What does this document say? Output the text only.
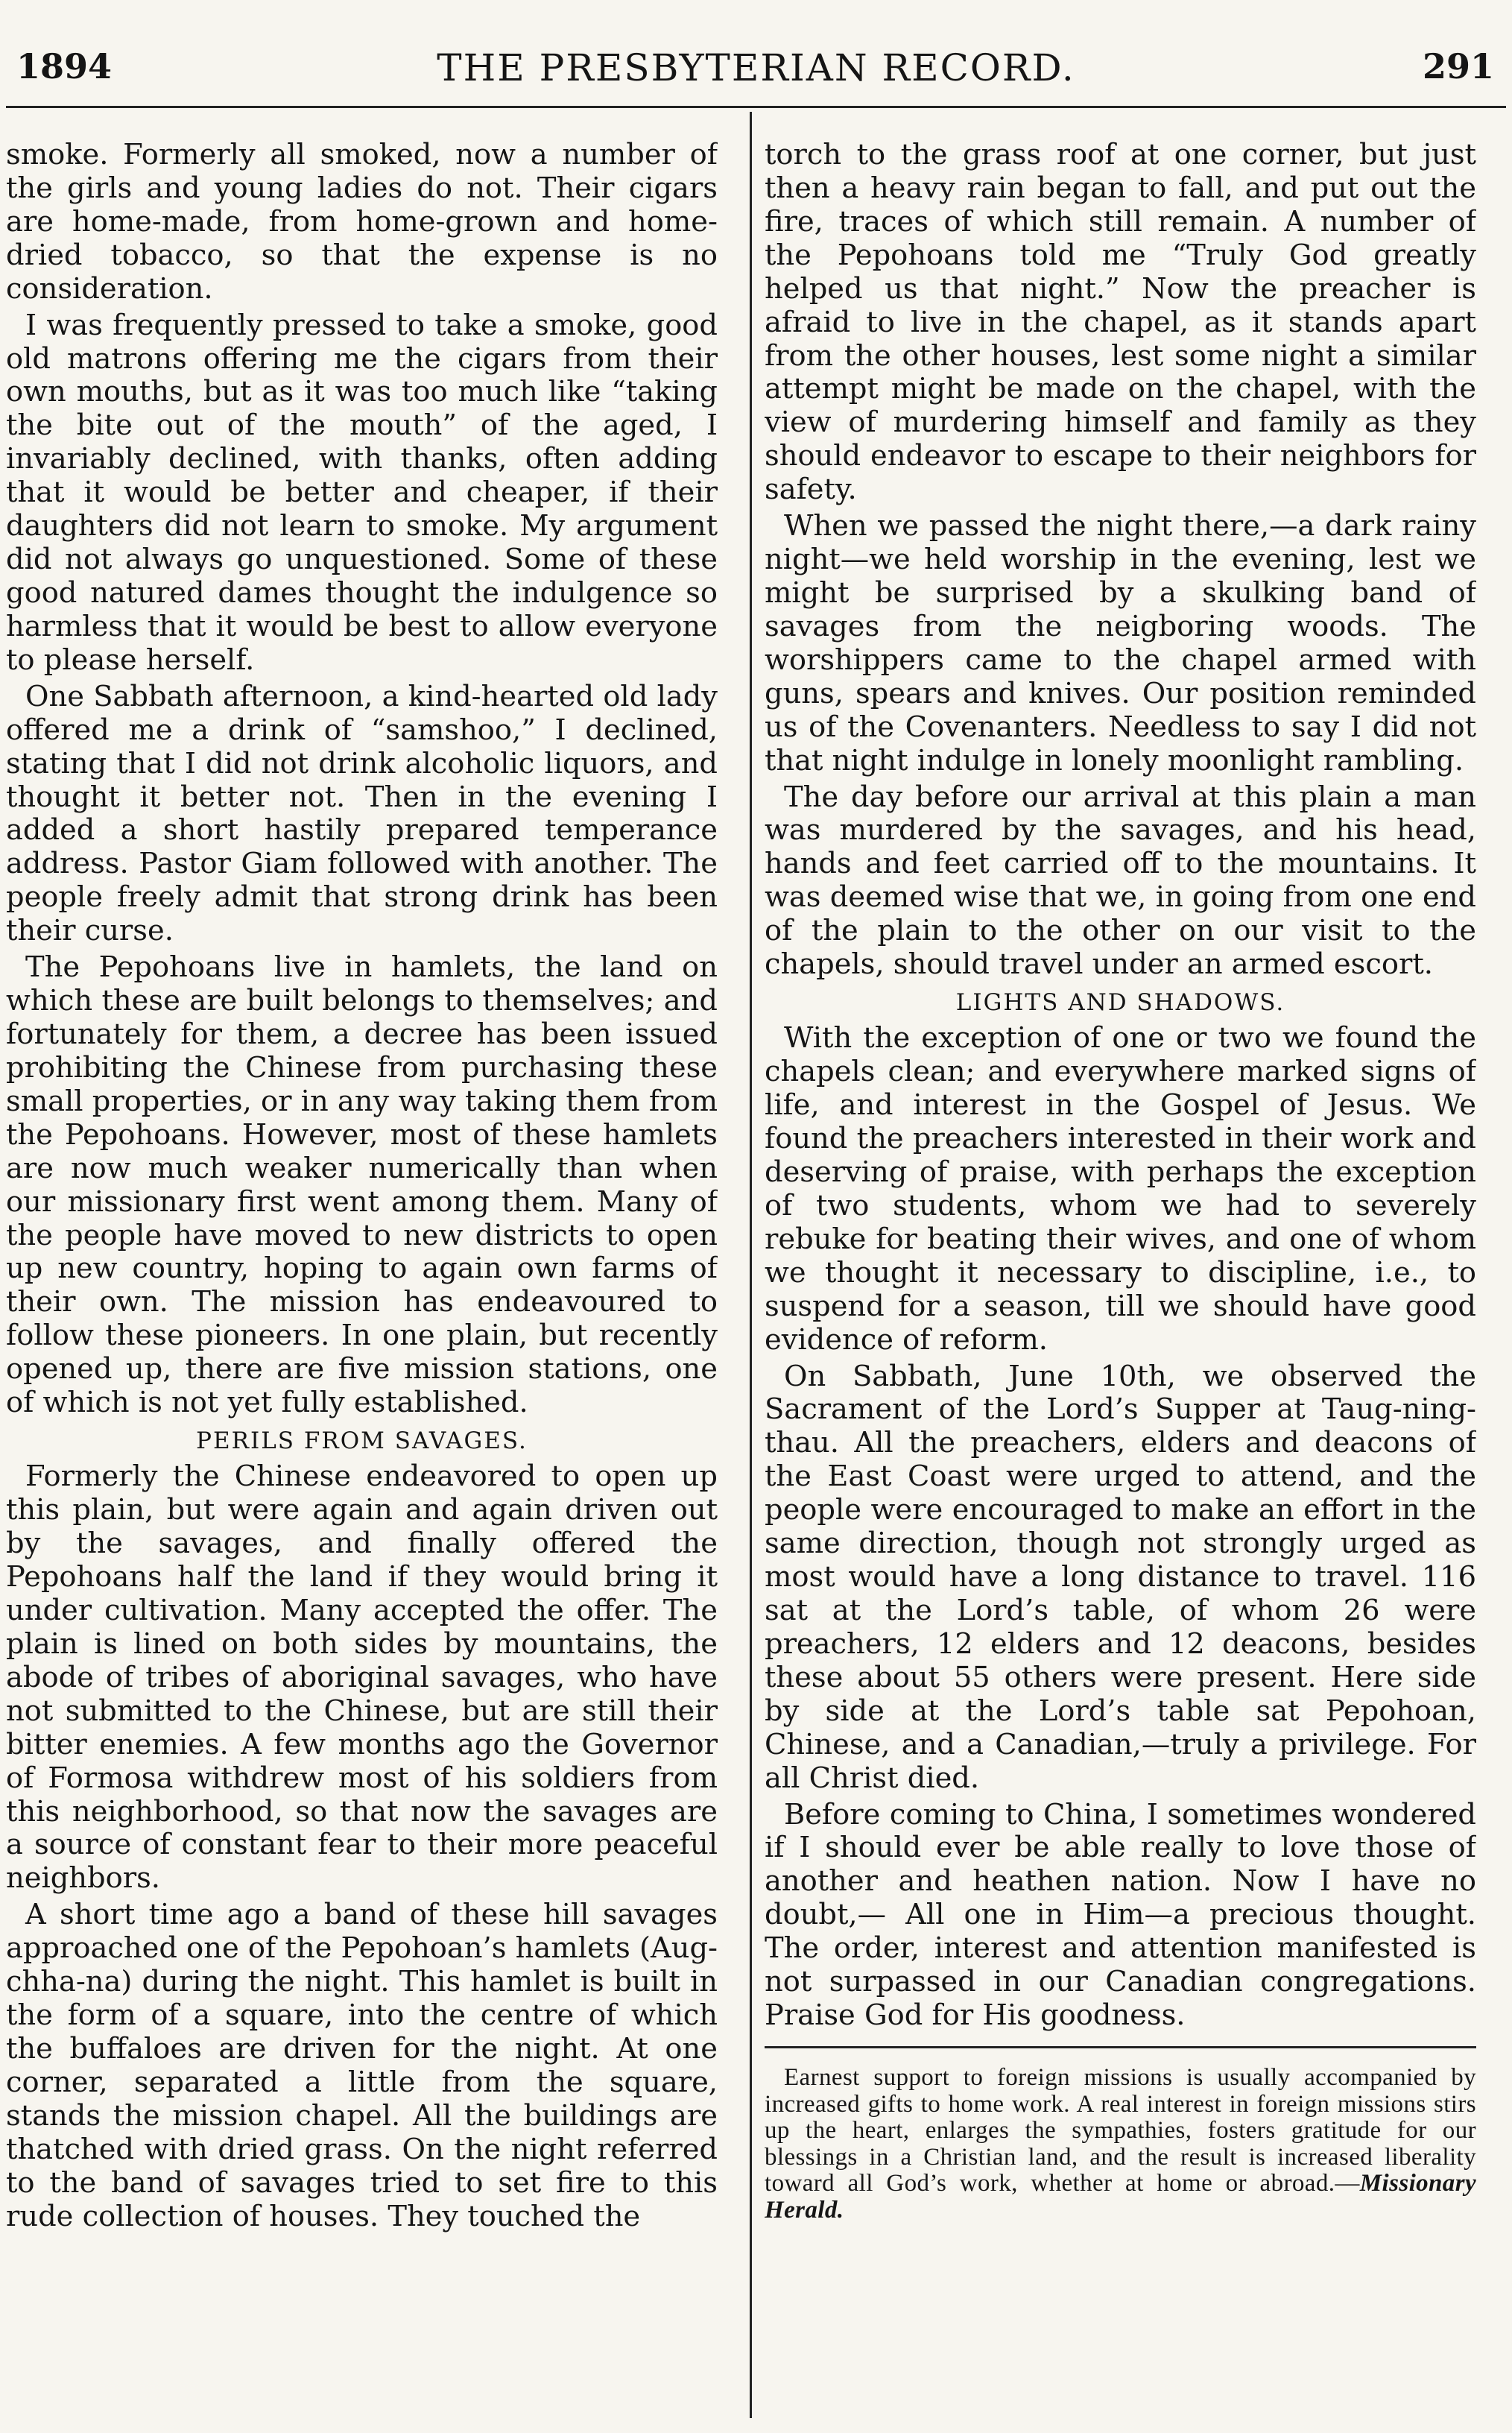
1894	THE PRESBYTERIAN RECORD.	291

smoke. Formerly all smoked, now a number of the girls and young ladies do not. Their cigars are home-made, from home-grown and home-dried tobacco, so that the expense is no consideration.

I was frequently pressed to take a smoke, good old matrons offering me the cigars from their own mouths, but as it was too much like “taking the bite out of the mouth” of the aged, I invariably declined, with thanks, often adding that it would be better and cheaper, if their daughters did not learn to smoke. My argument did not always go unquestioned. Some of these good natured dames thought the indulgence so harmless that it would be best to allow everyone to please herself.

One Sabbath afternoon, a kind-hearted old lady offered me a drink of “samshoo,” I declined, stating that I did not drink alcoholic liquors, and thought it better not. Then in the evening I added a short hastily prepared temperance address. Pastor Giam followed with another. The people freely admit that strong drink has been their curse.

The Pepohoans live in hamlets, the land on which these are built belongs to themselves; and fortunately for them, a decree has been issued prohibiting the Chinese from purchasing these small properties, or in any way taking them from the Pepohoans. However, most of these hamlets are now much weaker numerically than when our missionary first went among them. Many of the people have moved to new districts to open up new country, hoping to again own farms of their own. The mission has endeavoured to follow these pioneers. In one plain, but recently opened up, there are five mission stations, one of which is not yet fully established.

PERILS FROM SAVAGES.

Formerly the Chinese endeavored to open up this plain, but were again and again driven out by the savages, and finally offered the Pepohoans half the land if they would bring it under cultivation. Many accepted the offer. The plain is lined on both sides by mountains, the abode of tribes of aboriginal savages, who have not submitted to the Chinese, but are still their bitter enemies. A few months ago the Governor of Formosa withdrew most of his soldiers from this neighborhood, so that now the savages are a source of constant fear to their more peaceful neighbors.

A short time ago a band of these hill savages approached one of the Pepohoan’s hamlets (Aug-chha-na) during the night. This hamlet is built in the form of a square, into the centre of which the buffaloes are driven for the night. At one corner, separated a little from the square, stands the mission chapel. All the buildings are thatched with dried grass. On the night referred to the band of savages tried to set fire to this rude collection of houses. They touched the

torch to the grass roof at one corner, but just then a heavy rain began to fall, and put out the fire, traces of which still remain. A number of the Pepohoans told me “Truly God greatly helped us that night.” Now the preacher is afraid to live in the chapel, as it stands apart from the other houses, lest some night a similar attempt might be made on the chapel, with the view of murdering himself and family as they should endeavor to escape to their neighbors for safety.

When we passed the night there,—a dark rainy night—we held worship in the evening, lest we might be surprised by a skulking band of savages from the neigboring woods. The worshippers came to the chapel armed with guns, spears and knives. Our position reminded us of the Covenanters. Needless to say I did not that night indulge in lonely moonlight rambling.

The day before our arrival at this plain a man was murdered by the savages, and his head, hands and feet carried off to the mountains. It was deemed wise that we, in going from one end of the plain to the other on our visit to the chapels, should travel under an armed escort.

LIGHTS AND SHADOWS.

With the exception of one or two we found the chapels clean; and everywhere marked signs of life, and interest in the Gospel of Jesus. We found the preachers interested in their work and deserving of praise, with perhaps the exception of two students, whom we had to severely rebuke for beating their wives, and one of whom we thought it necessary to discipline, i.e., to suspend for a season, till we should have good evidence of reform.

On Sabbath, June 10th, we observed the Sacrament of the Lord’s Supper at Taug-ning-thau. All the preachers, elders and deacons of the East Coast were urged to attend, and the people were encouraged to make an effort in the same direction, though not strongly urged as most would have a long distance to travel. 116 sat at the Lord’s table, of whom 26 were preachers, 12 elders and 12 deacons, besides these about 55 others were present. Here side by side at the Lord’s table sat Pepohoan, Chinese, and a Canadian,—truly a privilege. For all Christ died.

Before coming to China, I sometimes wondered if I should ever be able really to love those of another and heathen nation. Now I have no doubt,— All one in Him—a precious thought. The order, interest and attention manifested is not surpassed in our Canadian congregations. Praise God for His goodness.

Earnest support to foreign missions is usually accompanied by increased gifts to home work. A real interest in foreign missions stirs up the heart, enlarges the sympathies, fosters gratitude for our blessings in a Christian land, and the result is increased liberality toward all God’s work, whether at home or abroad.—Missionary Herald.
